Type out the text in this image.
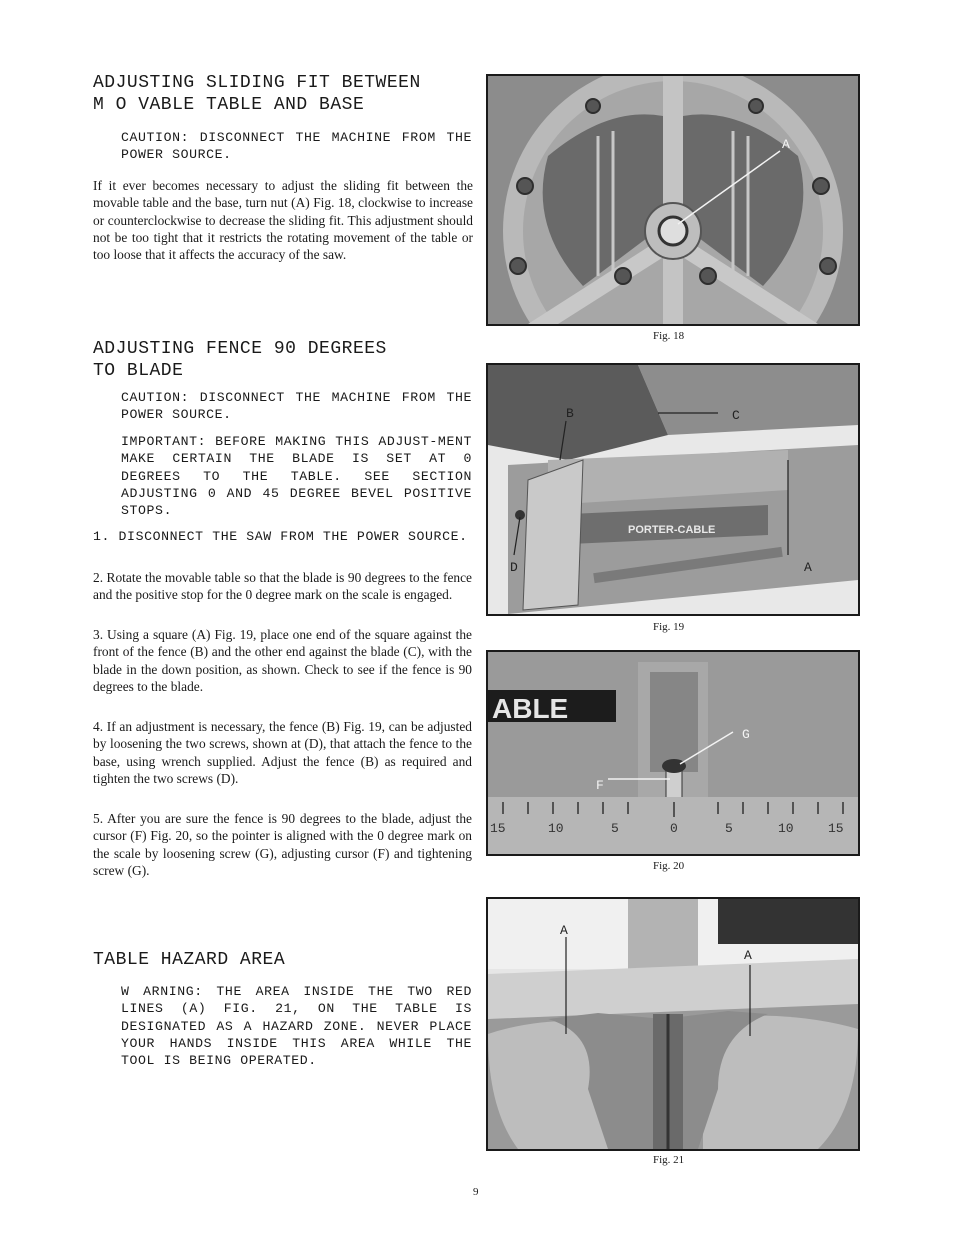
ADJUSTING SLIDING FIT BETWEEN
M O VABLE TABLE AND BASE
CAUTION: DISCONNECT THE MACHINE FROM THE POWER SOURCE.
If it ever becomes necessary to adjust the sliding fit between the movable table and the base, turn nut (A) Fig. 18, clockwise to increase or counterclockwise to decrease the sliding fit. This adjustment should not be too tight that it restricts the rotating movement of the table or too loose that it affects the accuracy of the saw.
ADJUSTING FENCE 90 DEGREES
TO BLADE
CAUTION: DISCONNECT THE MACHINE FROM THE POWER SOURCE.
IMPORTANT: BEFORE MAKING THIS ADJUST-MENT MAKE CERTAIN THE BLADE IS SET AT 0 DEGREES TO THE TABLE. SEE SECTION ADJUSTING 0 AND 45 DEGREE BEVEL POSITIVE STOPS.
1. DISCONNECT THE SAW FROM THE POWER SOURCE.
2. Rotate the movable table so that the blade is 90 degrees to the fence and the positive stop for the 0 degree mark on the scale is engaged.
3. Using a square (A) Fig. 19, place one end of the square against the front of the fence (B) and the other end against the blade (C), with the blade in the down position, as shown. Check to see if the fence is 90 degrees to the blade.
4. If an adjustment is necessary, the fence (B) Fig. 19, can be adjusted by loosening the two screws, shown at (D), that attach the fence to the base, using wrench supplied. Adjust the fence (B) as required and tighten the two screws (D).
5. After you are sure the fence is 90 degrees to the blade, adjust the cursor (F) Fig. 20, so the pointer is aligned with the 0 degree mark on the scale by loosening screw (G), adjusting cursor (F) and tightening screw (G).
TABLE HAZARD AREA
W ARNING: THE AREA INSIDE THE TWO RED LINES (A) FIG. 21, ON THE TABLE IS DESIGNATED AS A HAZARD ZONE. NEVER PLACE YOUR HANDS INSIDE THIS AREA WHILE THE TOOL IS BEING OPERATED.
A
Fig. 18
PORTER-CABLE
B	C
D	A
Fig. 19
ABLE
15	10	5	0	5	10	15
G
F
Fig. 20
A
A
Fig. 21
9
